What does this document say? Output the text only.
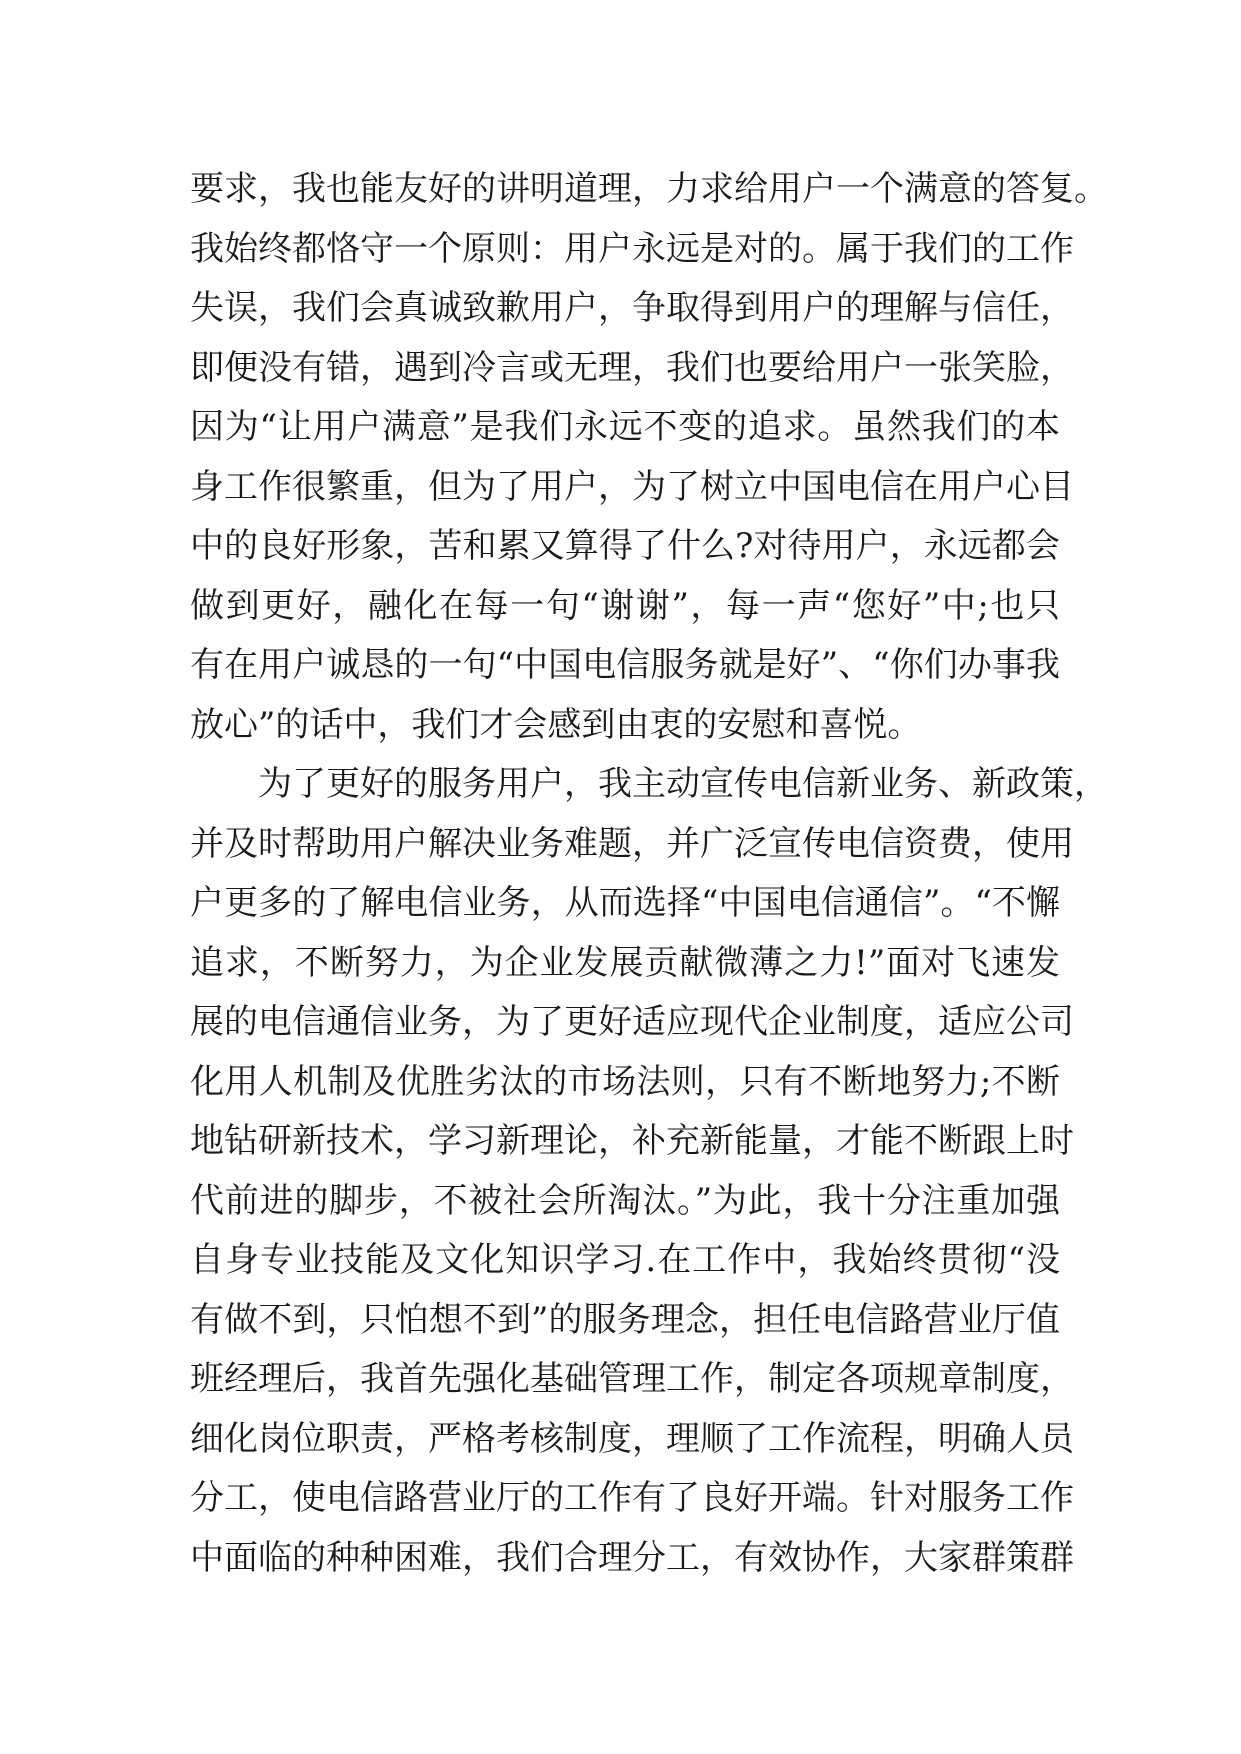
要求，我也能友好的讲明道理，力求给用户一个满意的答复。
我始终都恪守一个原则：用户永远是对的。属于我们的工作
失误，我们会真诚致歉用户，争取得到用户的理解与信任，
即便没有错，遇到冷言或无理，我们也要给用户一张笑脸，
因为“让用户满意”是我们永远不变的追求。虽然我们的本
身工作很繁重，但为了用户，为了树立中国电信在用户心目
中的良好形象，苦和累又算得了什么?对待用户，永远都会
做到更好，融化在每一句“谢谢”，每一声“您好”中;也只
有在用户诚恳的一句“中国电信服务就是好”、“你们办事我
放心”的话中，我们才会感到由衷的安慰和喜悦。
为了更好的服务用户，我主动宣传电信新业务、新政策，
并及时帮助用户解决业务难题，并广泛宣传电信资费，使用
户更多的了解电信业务，从而选择“中国电信通信”。“不懈
追求，不断努力，为企业发展贡献微薄之力!”面对飞速发
展的电信通信业务，为了更好适应现代企业制度，适应公司
化用人机制及优胜劣汰的市场法则，只有不断地努力;不断
地钻研新技术，学习新理论，补充新能量，才能不断跟上时
代前进的脚步，不被社会所淘汰。”为此，我十分注重加强
自身专业技能及文化知识学习.在工作中，我始终贯彻“没
有做不到，只怕想不到”的服务理念，担任电信路营业厅值
班经理后，我首先强化基础管理工作，制定各项规章制度，
细化岗位职责，严格考核制度，理顺了工作流程，明确人员
分工，使电信路营业厅的工作有了良好开端。针对服务工作
中面临的种种困难，我们合理分工，有效协作，大家群策群
